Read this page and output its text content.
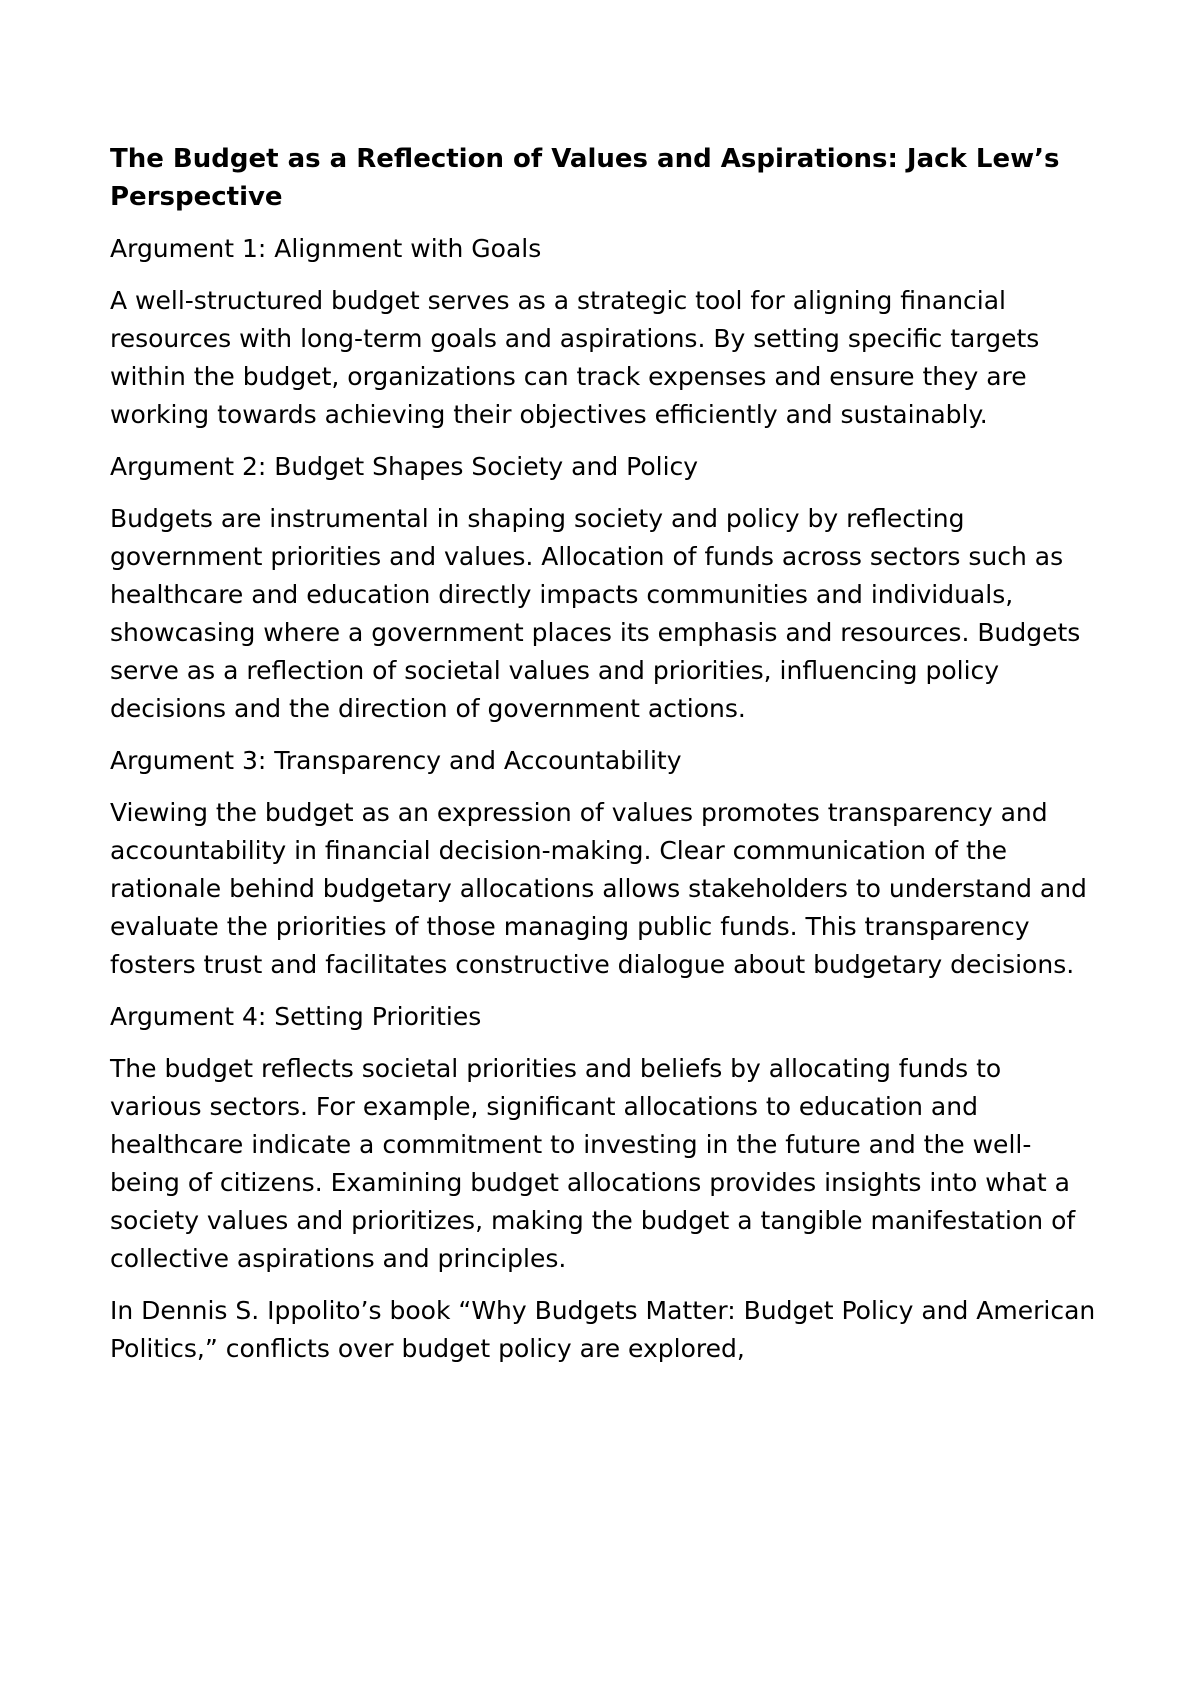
The Budget as a Reflection of Values and Aspirations: Jack Lew’s Perspective

Argument 1: Alignment with Goals

A well-structured budget serves as a strategic tool for aligning financial resources with long-term goals and aspirations. By setting specific targets within the budget, organizations can track expenses and ensure they are working towards achieving their objectives efficiently and sustainably.

Argument 2: Budget Shapes Society and Policy

Budgets are instrumental in shaping society and policy by reflecting government priorities and values. Allocation of funds across sectors such as healthcare and education directly impacts communities and individuals, showcasing where a government places its emphasis and resources. Budgets serve as a reflection of societal values and priorities, influencing policy decisions and the direction of government actions.

Argument 3: Transparency and Accountability

Viewing the budget as an expression of values promotes transparency and accountability in financial decision-making. Clear communication of the rationale behind budgetary allocations allows stakeholders to understand and evaluate the priorities of those managing public funds. This transparency fosters trust and facilitates constructive dialogue about budgetary decisions.

Argument 4: Setting Priorities

The budget reflects societal priorities and beliefs by allocating funds to various sectors. For example, significant allocations to education and healthcare indicate a commitment to investing in the future and the well-being of citizens. Examining budget allocations provides insights into what a society values and prioritizes, making the budget a tangible manifestation of collective aspirations and principles.

In Dennis S. Ippolito’s book “Why Budgets Matter: Budget Policy and American Politics,” conflicts over budget policy are explored,
